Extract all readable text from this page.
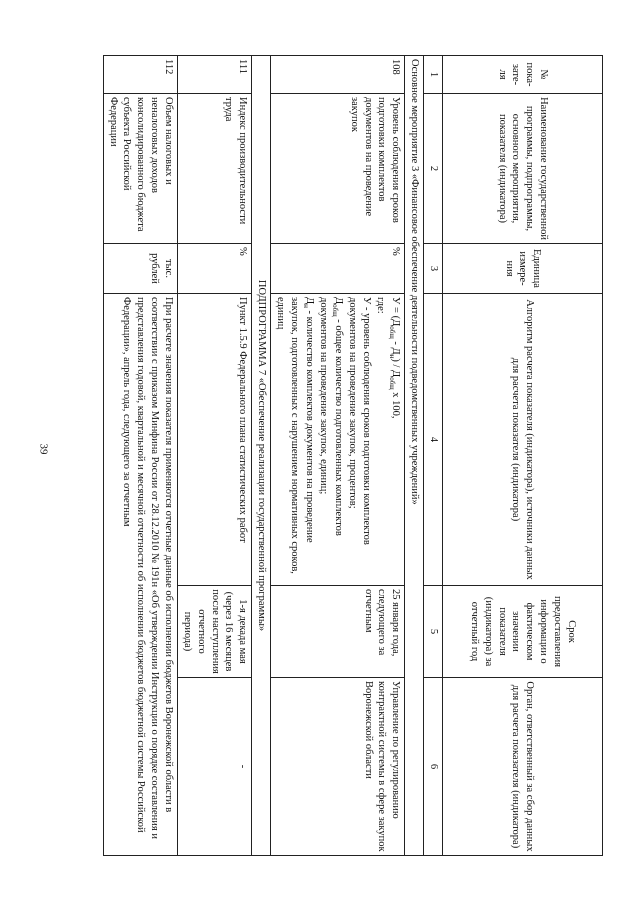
39
№ пока-зате-ля	Наименование государственной программы, подпрограммы, основного мероприятия, показателя (индикатора)	Единица измере-ния	Алгоритм расчета показателя (индикатора), источники данных для расчета показателя (индикатора)	Срок предоставления информации о фактическом значении показателя (индикатора) за отчетный год	Орган, ответственный за сбор данных для расчета показателя (индикатора)
1	2	3	4	5	6
Основное мероприятие 3 «Финансовое обеспечение деятельности подведомственных учреждений»					
108	Уровень соблюдения сроков подготовки комплектов документов на проведение закупок	%	$У = (Д_{общ} - Д_н) / Д_{общ}$ х 100,
где:
У - уровень соблюдения сроков подготовки комплектов документов на проведение закупок, процентов;
$Д_{общ}$ - общее количество подготовленных комплектов документов на проведение закупок, единиц;
$Д_н$ - количество комплектов документов на проведение закупок, подготовленных с нарушением нормативных сроков, единиц	25 января года, следующего за отчетным	Управление по регулированию контрактной системы в сфере закупок Воронежской области
ПОДПРОГРАММА 7 «Обеспечение реализации государственной программы»					
111	Индекс производительности труда	%	Пункт 1.5.9 Федерального плана статистических работ	1-я декада мая (через 16 месяцев после наступления отчетного периода)	-
112	Объем налоговых и неналоговых доходов консолидированного бюджета субъекта Российской Федерации	тыс. рублей	При расчете значения показателя применяются отчетные данные об исполнении бюджетов Воронежской области в соответствии с приказом Минфина России от 28.12.2010 № 191н «Об утверждении Инструкции о порядке составления и представления годовой, квартальной и месячной отчетности об исполнении бюджетов бюджетной системы Российской Федерации», апрель года, следующего за отчетным		
